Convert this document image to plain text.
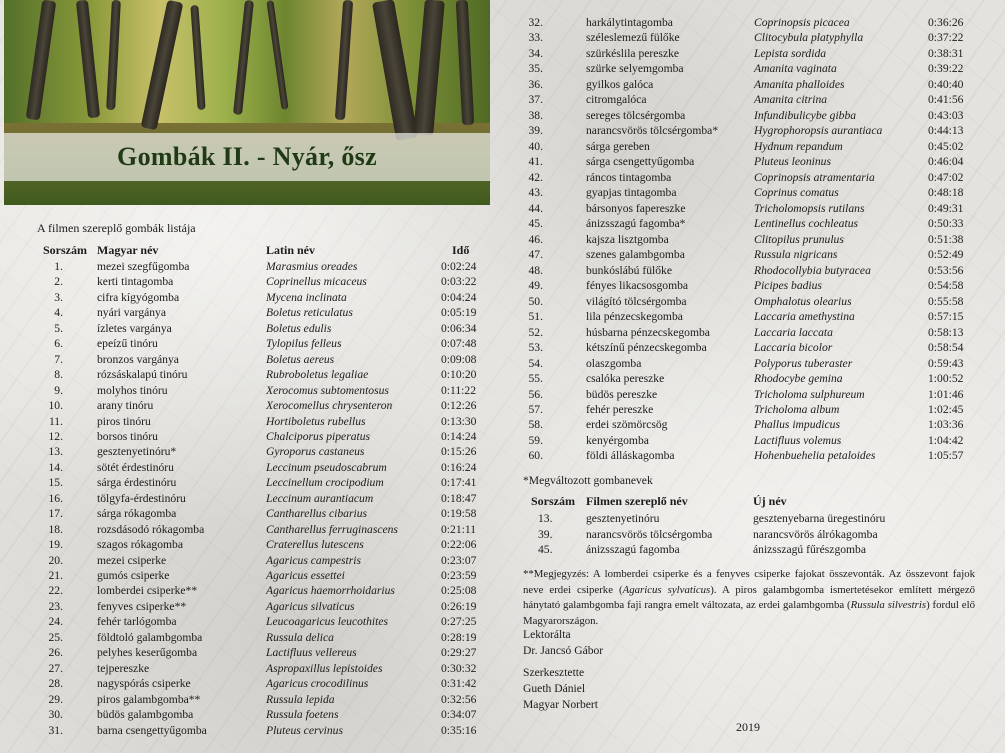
Gombák II. - Nyár, ősz
A filmen szereplő gombák listája
Sorszám Magyar név	Latin név	Idő
1.	mezei szegfűgomba	Marasmius oreades	0:02:24
2.	kerti tintagomba	Coprinellus micaceus	0:03:22
3.	cifra kígyógomba	Mycena inclinata	0:04:24
4.	nyári vargánya	Boletus reticulatus	0:05:19
5.	ízletes vargánya	Boletus edulis	0:06:34
6.	epeízű tinóru	Tylopilus felleus	0:07:48
7.	bronzos vargánya	Boletus aereus	0:09:08
8.	rózsáskalapú tinóru	Rubroboletus legaliae	0:10:20
9.	molyhos tinóru	Xerocomus subtomentosus	0:11:22
10.	arany tinóru	Xerocomellus chrysenteron	0:12:26
11.	piros tinóru	Hortiboletus rubellus	0:13:30
12.	borsos tinóru	Chalciporus piperatus	0:14:24
13.	gesztenyetinóru*	Gyroporus castaneus	0:15:26
14.	sötét érdestinóru	Leccinum pseudoscabrum	0:16:24
15.	sárga érdestinóru	Leccinellum crocipodium	0:17:41
16.	tölgyfa-érdestinóru	Leccinum aurantiacum	0:18:47
17.	sárga rókagomba	Cantharellus cibarius	0:19:58
18.	rozsdásodó rókagomba	Cantharellus ferruginascens	0:21:11
19.	szagos rókagomba	Craterellus lutescens	0:22:06
20.	mezei csiperke	Agaricus campestris	0:23:07
21.	gumós csiperke	Agaricus essettei	0:23:59
22.	lomberdei csiperke**	Agaricus haemorrhoidarius	0:25:08
23.	fenyves csiperke**	Agaricus silvaticus	0:26:19
24.	fehér tarlógomba	Leucoagaricus leucothites	0:27:25
25.	földtoló galambgomba	Russula delica	0:28:19
26.	pelyhes keserűgomba	Lactifluus vellereus	0:29:27
27.	tejpereszke	Aspropaxillus lepistoides	0:30:32
28.	nagyspórás csiperke	Agaricus crocodilinus	0:31:42
29.	piros galambgomba**	Russula lepida	0:32:56
30.	büdös galambgomba	Russula foetens	0:34:07
31.	barna csengettyűgomba	Pluteus cervinus	0:35:16
32.	harkálytintagomba	Coprinopsis picacea	0:36:26
33.	széleslemezű fülőke	Clitocybula platyphylla	0:37:22
34.	szürkéslila pereszke	Lepista sordida	0:38:31
35.	szürke selyemgomba	Amanita vaginata	0:39:22
36.	gyilkos galóca	Amanita phalloides	0:40:40
37.	citromgalóca	Amanita citrina	0:41:56
38.	sereges tölcsérgomba	Infundibulicybe gibba	0:43:03
39.	narancsvörös tölcsérgomba*	Hygrophoropsis aurantiaca	0:44:13
40.	sárga gereben	Hydnum repandum	0:45:02
41.	sárga csengettyűgomba	Pluteus leoninus	0:46:04
42.	ráncos tintagomba	Coprinopsis atramentaria	0:47:02
43.	gyapjas tintagomba	Coprinus comatus	0:48:18
44.	bársonyos fapereszke	Tricholomopsis rutilans	0:49:31
45.	ánizsszagú fagomba*	Lentinellus cochleatus	0:50:33
46.	kajsza lisztgomba	Clitopilus prunulus	0:51:38
47.	szenes galambgomba	Russula nigricans	0:52:49
48.	bunkóslábú fülőke	Rhodocollybia butyracea	0:53:56
49.	fényes likacsosgomba	Picipes badius	0:54:58
50.	világító tölcsérgomba	Omphalotus olearius	0:55:58
51.	lila pénzecskegomba	Laccaria amethystina	0:57:15
52.	húsbarna pénzecskegomba	Laccaria laccata	0:58:13
53.	kétszínű pénzecskegomba	Laccaria bicolor	0:58:54
54.	olaszgomba	Polyporus tuberaster	0:59:43
55.	csalóka pereszke	Rhodocybe gemina	1:00:52
56.	büdös pereszke	Tricholoma sulphureum	1:01:46
57.	fehér pereszke	Tricholoma album	1:02:45
58.	erdei szömörcsög	Phallus impudicus	1:03:36
59.	kenyérgomba	Lactifluus volemus	1:04:42
60.	földi álláskagomba	Hohenbuehelia petaloides	1:05:57
*Megváltozott gombanevek
Sorszám Filmen szereplő név	Új név
13.	gesztenyetinóru	gesztenyebarna üregestinóru
39.	narancsvörös tölcsérgomba	narancsvörös álrókagomba
45.	ánizsszagú fagomba	ánizsszagú fűrészgomba
**Megjegyzés: A lomberdei csiperke és a fenyves csiperke fajokat összevonták. Az összevont fajok neve erdei csiperke (Agaricus sylvaticus). A piros galambgomba ismertetésekor említett mérgező hánytató galambgomba faji rangra emelt változata, az erdei galambgomba (Russula silvestris) fordul elő Magyarországon.
Lektorálta
Dr. Jancsó Gábor
Szerkesztette
Gueth Dániel
Magyar Norbert
2019
